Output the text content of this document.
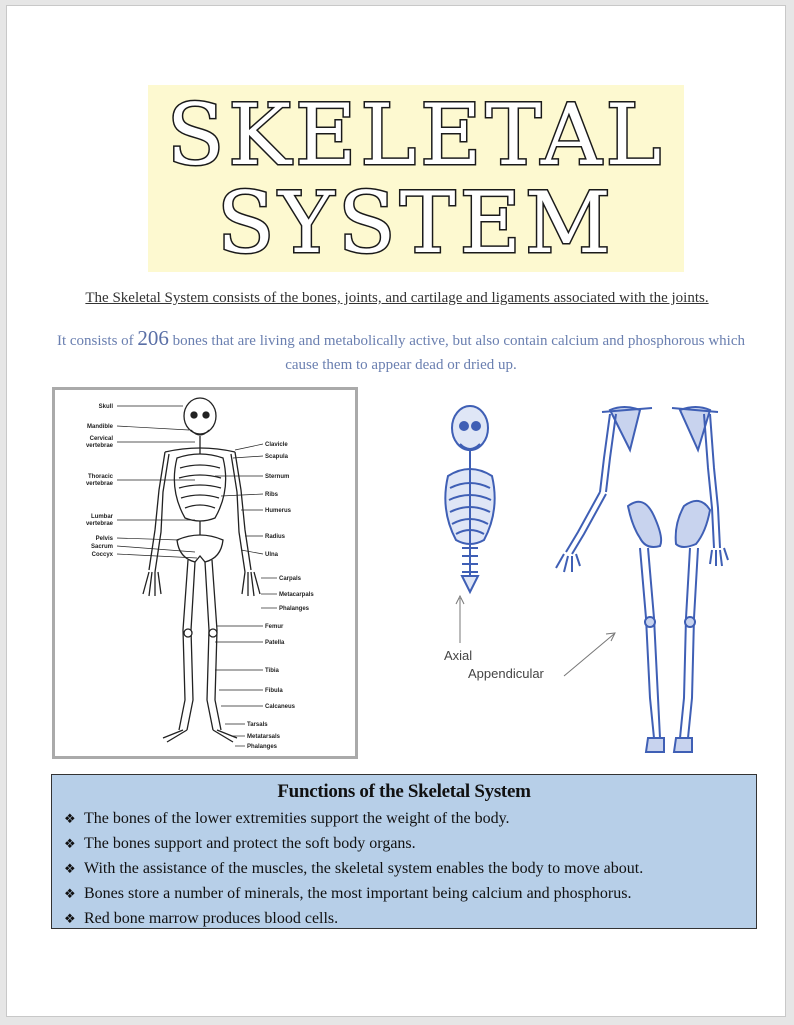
SKELETAL
SYSTEM
The Skeletal System consists of the bones, joints, and cartilage and ligaments associated with the joints.
It consists of 206 bones that are living and metabolically active, but also contain calcium and phosphorous which cause them to appear dead or dried up.
Skull
Mandible
Cervical
vertebrae
Thoracic
vertebrae
Lumbar
vertebrae
Pelvis
Sacrum
Coccyx
Clavicle
Scapula
Sternum
Ribs
Humerus
Radius
Ulna
Carpals
Metacarpals
Phalanges
Femur
Patella
Tibia
Fibula
Calcaneus
Tarsals
Metatarsals
Phalanges
Axial
Appendicular
Functions of the Skeletal System
❖ The bones of the lower extremities support the weight of the body.
❖ The bones support and protect the soft body organs.
❖ With the assistance of the muscles, the skeletal system enables the body to move about.
❖ Bones store a number of minerals, the most important being calcium and phosphorus.
❖ Red bone marrow produces blood cells.
